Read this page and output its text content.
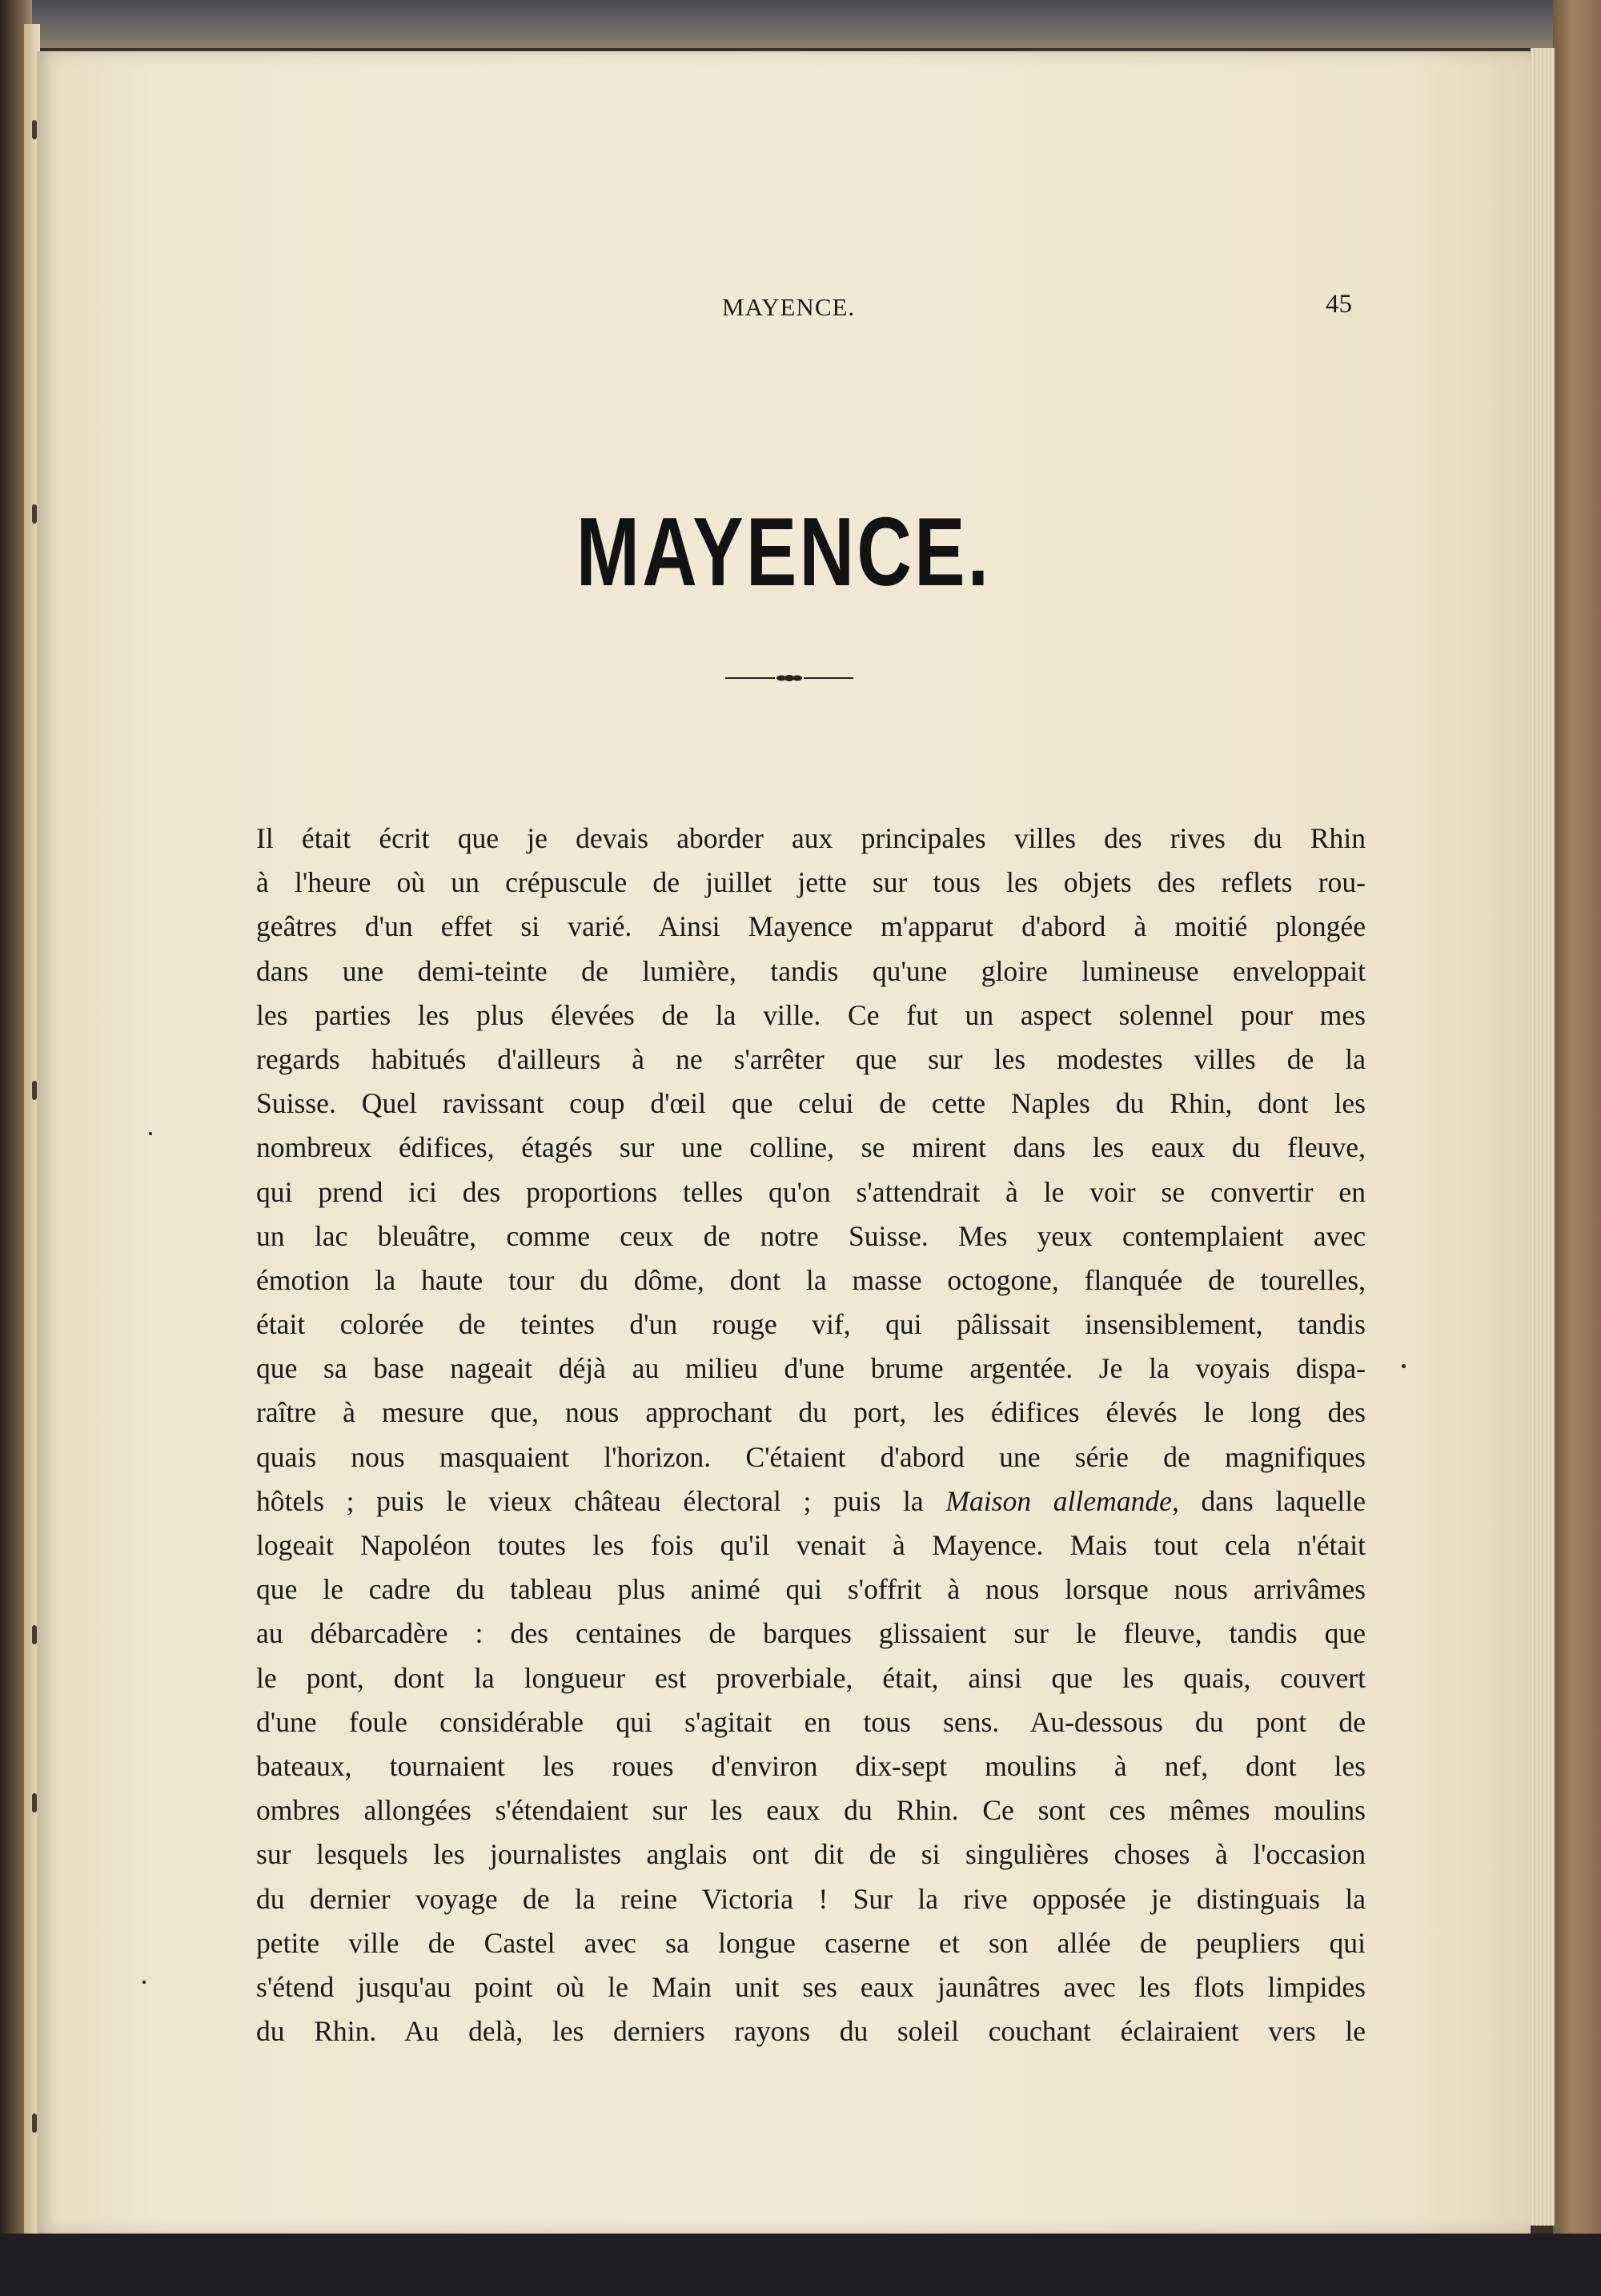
MAYENCE.	45
MAYENCE.
Il était écrit que je devais aborder aux principales villes des rives du Rhin
à l'heure où un crépuscule de juillet jette sur tous les objets des reflets rou-
geâtres d'un effet si varié. Ainsi Mayence m'apparut d'abord à moitié plongée
dans une demi-teinte de lumière, tandis qu'une gloire lumineuse enveloppait
les parties les plus élevées de la ville. Ce fut un aspect solennel pour mes
regards habitués d'ailleurs à ne s'arrêter que sur les modestes villes de la
Suisse. Quel ravissant coup d'œil que celui de cette Naples du Rhin, dont les
nombreux édifices, étagés sur une colline, se mirent dans les eaux du fleuve,
qui prend ici des proportions telles qu'on s'attendrait à le voir se convertir en
un lac bleuâtre, comme ceux de notre Suisse. Mes yeux contemplaient avec
émotion la haute tour du dôme, dont la masse octogone, flanquée de tourelles,
était colorée de teintes d'un rouge vif, qui pâlissait insensiblement, tandis
que sa base nageait déjà au milieu d'une brume argentée. Je la voyais dispa-
raître à mesure que, nous approchant du port, les édifices élevés le long des
quais nous masquaient l'horizon. C'étaient d'abord une série de magnifiques
hôtels ; puis le vieux château électoral ; puis la Maison allemande, dans laquelle
logeait Napoléon toutes les fois qu'il venait à Mayence. Mais tout cela n'était
que le cadre du tableau plus animé qui s'offrit à nous lorsque nous arrivâmes
au débarcadère : des centaines de barques glissaient sur le fleuve, tandis que
le pont, dont la longueur est proverbiale, était, ainsi que les quais, couvert
d'une foule considérable qui s'agitait en tous sens. Au-dessous du pont de
bateaux, tournaient les roues d'environ dix-sept moulins à nef, dont les
ombres allongées s'étendaient sur les eaux du Rhin. Ce sont ces mêmes moulins
sur lesquels les journalistes anglais ont dit de si singulières choses à l'occasion
du dernier voyage de la reine Victoria ! Sur la rive opposée je distinguais la
petite ville de Castel avec sa longue caserne et son allée de peupliers qui
s'étend jusqu'au point où le Main unit ses eaux jaunâtres avec les flots limpides
du Rhin. Au delà, les derniers rayons du soleil couchant éclairaient vers le
